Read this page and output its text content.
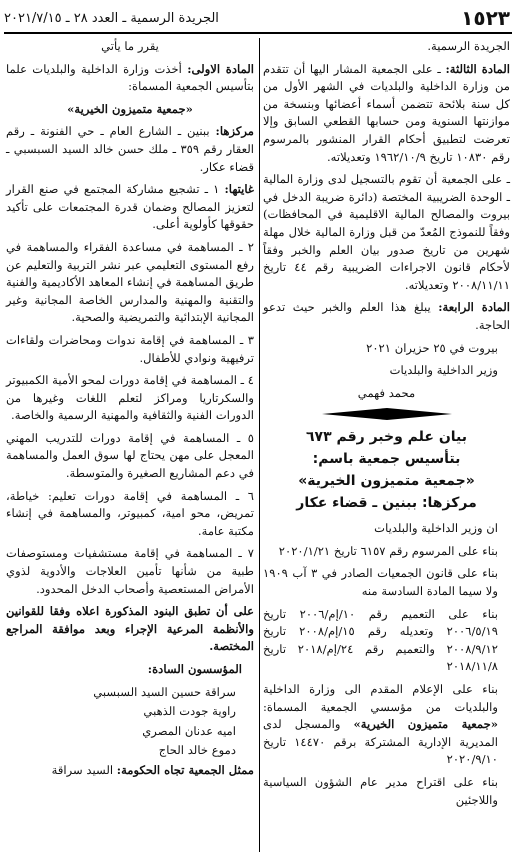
١٥٢٣
الجريدة الرسمية ـ العدد ٢٨ ـ ٢٠٢١/٧/١٥

الجريدة الرسمية.

المادة الثالثة: ـ على الجمعية المشار اليها أن تتقدم من وزارة الداخلية والبلديات في الشهر الأول من كل سنة بلائحة تتضمن أسماء أعضائها وبنسخة من موازنتها السنوية ومن حسابها القطعي السابق وإلا تعرضت لتطبيق أحكام القرار المنشور بالمرسوم رقم ١٠٨٣٠ تاريخ ١٩٦٢/١٠/٩ وتعديلاته.

ـ على الجمعية أن تقوم بالتسجيل لدى وزارة المالية ـ الوحدة الضريبية المختصة (دائرة ضريبة الدخل في بيروت والمصالح المالية الاقليمية في المحافظات) وفقاً للنموذج المُعدّ من قبل وزارة المالية خلال مهلة شهرين من تاريخ صدور بيان العلم والخبر وفقاً لأحكام قانون الاجراءات الضريبية رقم ٤٤ تاريخ ٢٠٠٨/١١/١١ وتعديلاته.

المادة الرابعة: يبلغ هذا العلم والخبر حيث تدعو الحاجة.

بيروت في ٢٥ حزيران ٢٠٢١

وزير الداخلية والبلديات

محمد فهمي

بيان علم وخبر رقم ٦٧٣
بتأسيس جمعية باسم:
«جمعية متميزون الخيرية»
مركزها: ببنين ـ قضاء عكار

ان وزير الداخلية والبلديات

بناء على المرسوم رقم ٦١٥٧ تاريخ ٢٠٢٠/١/٢١

بناء على قانون الجمعيات الصادر في ٣ آب ١٩٠٩ ولا سيما المادة السادسة منه

بناء على التعميم رقم ١٠/إم/٢٠٠٦ تاريخ ٢٠٠٦/٥/١٩ وتعديله رقم ١٥/إم/٢٠٠٨ تاريخ ٢٠٠٨/٩/١٢ والتعميم رقم ٢٤/إم/٢٠١٨ تاريخ ٢٠١٨/١١/٨

بناء على الإعلام المقدم الى وزارة الداخلية والبلديات من مؤسسي الجمعية المسماة: «جمعية متميزون الخيرية» والمسجل لدى المديرية الإدارية المشتركة برقم ١٤٤٧٠ تاريخ ٢٠٢٠/٩/١٠

بناء على اقتراح مدير عام الشؤون السياسية واللاجئين

يقرر ما يأتي

المادة الاولى: أخذت وزارة الداخلية والبلديات علما بتأسيس الجمعية المسماة:

«جمعية متميزون الخيرية»

مركزها: ببنين ـ الشارع العام ـ حي الفنونة ـ رقم العقار رقم ٣٥٩ ـ ملك حسن خالد السيد السبسبي ـ قضاء عكار.

غايتها: ١ ـ تشجيع مشاركة المجتمع في صنع القرار لتعزيز المصالح وضمان قدرة المجتمعات على تأكيد حقوقها كأولوية أعلى.

٢ ـ المساهمة في مساعدة الفقراء والمساهمة في رفع المستوى التعليمي عبر نشر التربية والتعليم عن طريق المساهمة في إنشاء المعاهد الأكاديمية والفنية والتقنية والمهنية والمدارس الخاصة المجانية وغير المجانية الإبتدائية والتمريضية والصحية.

٣ ـ المساهمة في إقامة ندوات ومحاضرات ولقاءات ترفيهية ونوادي للأطفال.

٤ ـ المساهمة في إقامة دورات لمحو الأمية الكمبيوتر والسكرتاريا ومراكز لتعلم اللغات وغيرها من الدورات الفنية والثقافية والمهنية الرسمية والخاصة.

٥ ـ المساهمة في إقامة دورات للتدريب المهني المعجل على مهن يحتاج لها سوق العمل والمساهمة في دعم المشاريع الصغيرة والمتوسطة.

٦ ـ المساهمة في إقامة دورات تعليم: خياطة، تمريض، محو امية، كمبيوتر، والمساهمة في إنشاء مكتبة عامة.

٧ ـ المساهمة في إقامة مستشفيات ومستوصفات طبية من شأنها تأمين العلاجات والأدوية لذوي الأمراض المستعصية وأصحاب الدخل المحدود.

على أن تطبق البنود المذكورة اعلاه وفقا للقوانين والأنظمة المرعية الإجراء وبعد موافقة المراجع المختصة.

المؤسسون السادة:

سراقة حسين السيد السبسبي
راوية جودت الذهبي
اميه عدنان المصري
دموع خالد الحاج

ممثل الجمعية تجاه الحكومة: السيد سراقة
